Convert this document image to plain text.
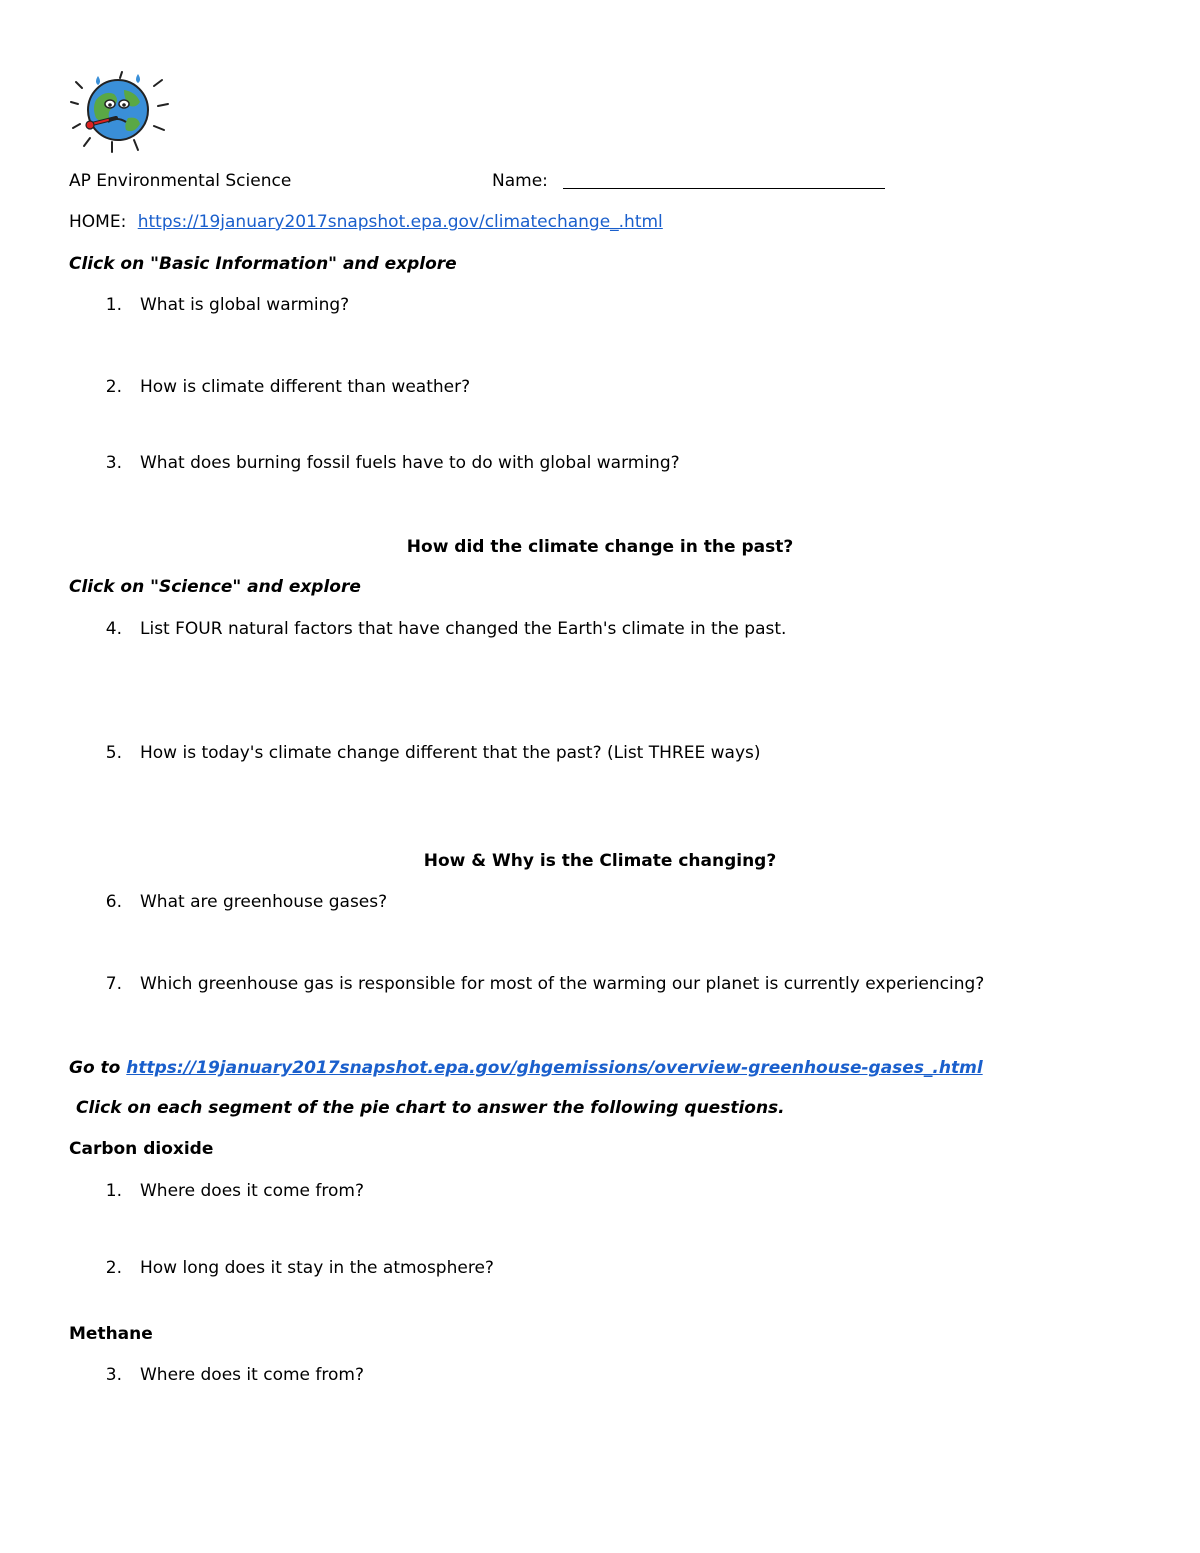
AP Environmental Science	Name:
HOME: https://19january2017snapshot.epa.gov/climatechange_.html
Click on "Basic Information" and explore
1. What is global warming?
2. How is climate different than weather?
3. What does burning fossil fuels have to do with global warming?
How did the climate change in the past?
Click on "Science" and explore
4. List FOUR natural factors that have changed the Earth's climate in the past.
5. How is today's climate change different that the past? (List THREE ways)
How & Why is the Climate changing?
6. What are greenhouse gases?
7. Which greenhouse gas is responsible for most of the warming our planet is currently experiencing?
Go to https://19january2017snapshot.epa.gov/ghgemissions/overview-greenhouse-gases_.html
Click on each segment of the pie chart to answer the following questions.
Carbon dioxide
1. Where does it come from?
2. How long does it stay in the atmosphere?
Methane
3. Where does it come from?
